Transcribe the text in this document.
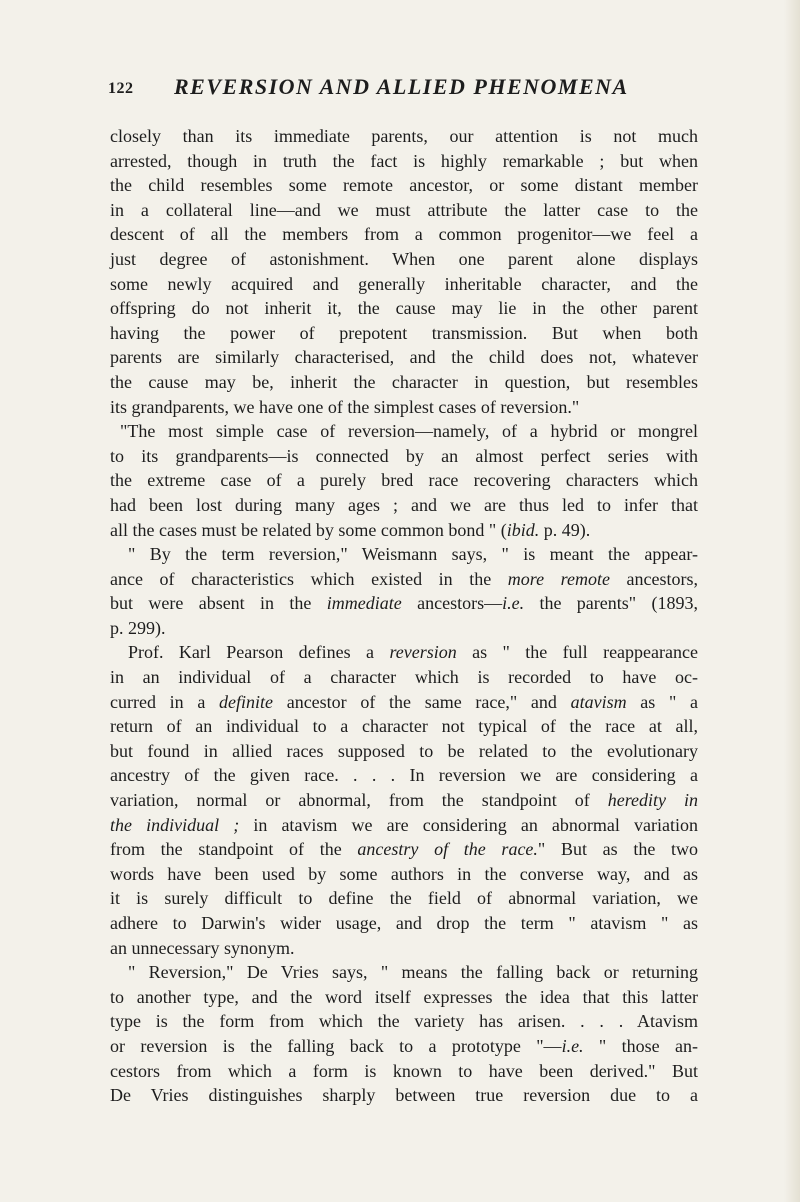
122 REVERSION AND ALLIED PHENOMENA
closely than its immediate parents, our attention is not much
arrested, though in truth the fact is highly remarkable ; but when
the child resembles some remote ancestor, or some distant member
in a collateral line—and we must attribute the latter case to the
descent of all the members from a common progenitor—we feel a
just degree of astonishment. When one parent alone displays
some newly acquired and generally inheritable character, and the
offspring do not inherit it, the cause may lie in the other parent
having the power of prepotent transmission. But when both
parents are similarly characterised, and the child does not, whatever
the cause may be, inherit the character in question, but resembles
its grandparents, we have one of the simplest cases of reversion."
"The most simple case of reversion—namely, of a hybrid or mongrel
to its grandparents—is connected by an almost perfect series with
the extreme case of a purely bred race recovering characters which
had been lost during many ages ; and we are thus led to infer that
all the cases must be related by some common bond " (ibid. p. 49).
" By the term reversion," Weismann says, " is meant the appear-
ance of characteristics which existed in the more remote ancestors,
but were absent in the immediate ancestors—i.e. the parents" (1893,
p. 299).
Prof. Karl Pearson defines a reversion as " the full reappearance
in an individual of a character which is recorded to have oc-
curred in a definite ancestor of the same race," and atavism as " a
return of an individual to a character not typical of the race at all,
but found in allied races supposed to be related to the evolutionary
ancestry of the given race. . . . In reversion we are considering a
variation, normal or abnormal, from the standpoint of heredity in
the individual ; in atavism we are considering an abnormal variation
from the standpoint of the ancestry of the race." But as the two
words have been used by some authors in the converse way, and as
it is surely difficult to define the field of abnormal variation, we
adhere to Darwin's wider usage, and drop the term " atavism " as
an unnecessary synonym.
" Reversion," De Vries says, " means the falling back or returning
to another type, and the word itself expresses the idea that this latter
type is the form from which the variety has arisen. . . . Atavism
or reversion is the falling back to a prototype "—i.e. " those an-
cestors from which a form is known to have been derived." But
De Vries distinguishes sharply between true reversion due to a
